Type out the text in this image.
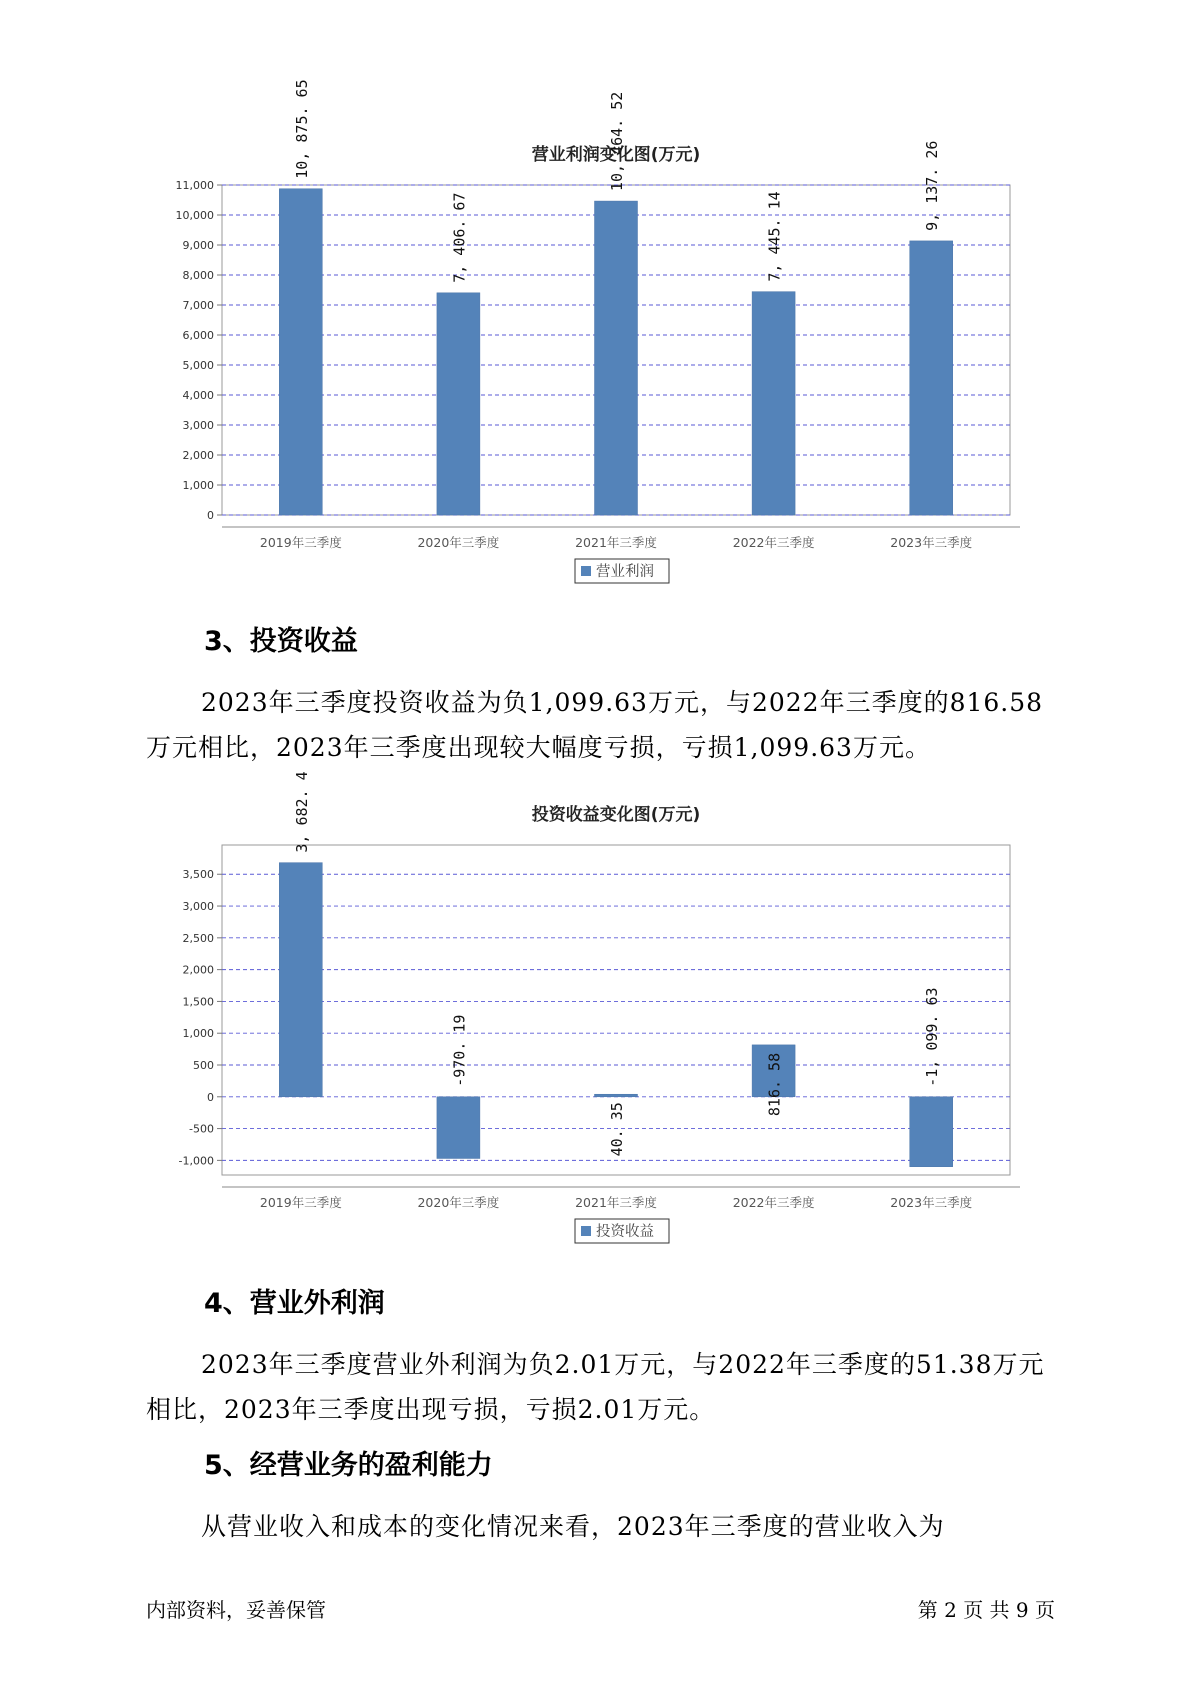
营业利润变化图(万元)
0
1,000
2,000
3,000
4,000
5,000
6,000
7,000
8,000
9,000
10,000
11,000
10, 875. 65
2019年三季度
7, 406. 67
2020年三季度
10, 464. 52
2021年三季度
7, 445. 14
2022年三季度
9, 137. 26
2023年三季度
营业利润
3、投资收益

2023年三季度投资收益为负1,099.63万元，与2022年三季度的816.58
万元相比，2023年三季度出现较大幅度亏损，亏损1,099.63万元。

投资收益变化图(万元)
-1,000
-500
0
500
1,000
1,500
2,000
2,500
3,000
3,500
3, 682. 4
2019年三季度
-970. 19
2020年三季度
40. 35
2021年三季度
816. 58
2022年三季度
-1, 099. 63
2023年三季度
投资收益
4、营业外利润

2023年三季度营业外利润为负2.01万元，与2022年三季度的51.38万元
相比，2023年三季度出现亏损，亏损2.01万元。

5、经营业务的盈利能力

从营业收入和成本的变化情况来看，2023年三季度的营业收入为

内部资料，妥善保管	第 2 页 共 9 页
